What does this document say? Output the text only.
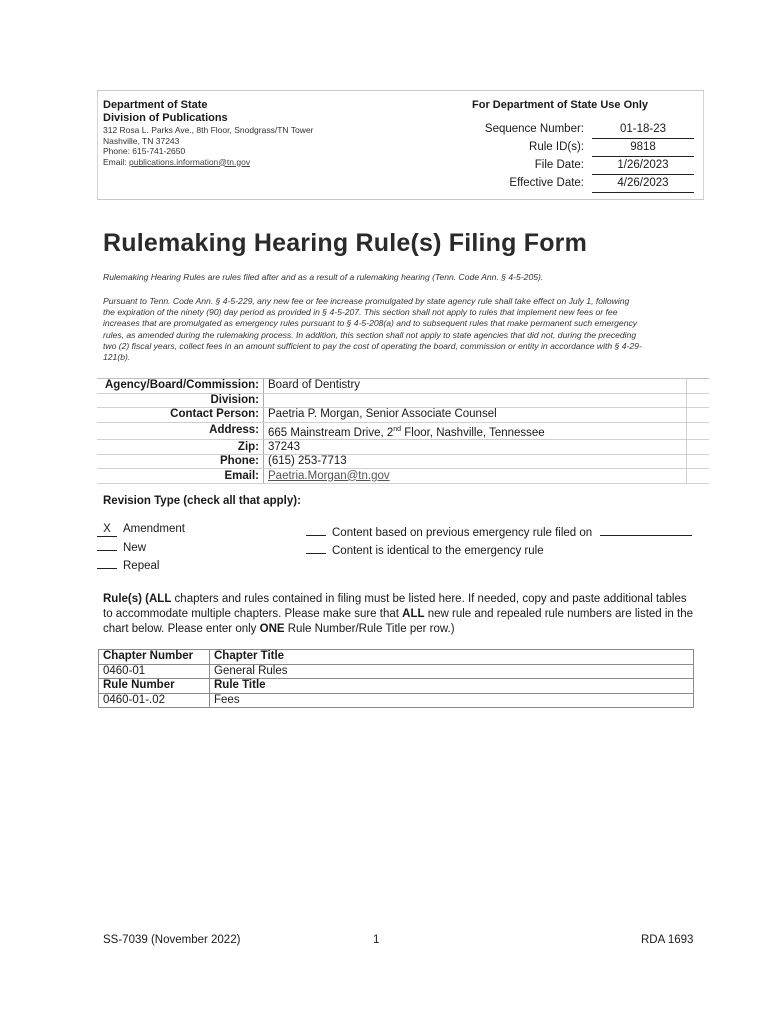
Department of State
Division of Publications
312 Rosa L. Parks Ave., 8th Floor, Snodgrass/TN Tower
Nashville, TN 37243
Phone: 615-741-2650
Email: publications.information@tn.gov
For Department of State Use Only
Sequence Number:	01-18-23
Rule ID(s):	9818
File Date:	1/26/2023
Effective Date:	4/26/2023
Rulemaking Hearing Rule(s) Filing Form
Rulemaking Hearing Rules are rules filed after and as a result of a rulemaking hearing (Tenn. Code Ann. § 4-5-205).
Pursuant to Tenn. Code Ann. § 4-5-229, any new fee or fee increase promulgated by state agency rule shall take effect on July 1, following
the expiration of the ninety (90) day period as provided in § 4-5-207. This section shall not apply to rules that implement new fees or fee
increases that are promulgated as emergency rules pursuant to § 4-5-208(a) and to subsequent rules that make permanent such emergency
rules, as amended during the rulemaking process. In addition, this section shall not apply to state agencies that did not, during the preceding
two (2) fiscal years, collect fees in an amount sufficient to pay the cost of operating the board, commission or entity in accordance with § 4-29-
121(b).
Agency/Board/Commission:	Board of Dentistry	
Division:		
Contact Person:	Paetria P. Morgan, Senior Associate Counsel	
Address:	665 Mainstream Drive, 2nd Floor, Nashville, Tennessee	
Zip:	37243	
Phone:	(615) 253-7713	
Email:	Paetria.Morgan@tn.gov	
Revision Type (check all that apply):
X Amendment
New
Repeal
Content based on previous emergency rule filed on
Content is identical to the emergency rule
Rule(s) (ALL chapters and rules contained in filing must be listed here. If needed, copy and paste additional tables to accommodate multiple chapters. Please make sure that ALL new rule and repealed rule numbers are listed in the chart below. Please enter only ONE Rule Number/Rule Title per row.)
Chapter Number	Chapter Title
0460-01	General Rules
Rule Number	Rule Title
0460-01-.02	Fees
SS-7039 (November 2022)	1	RDA 1693
